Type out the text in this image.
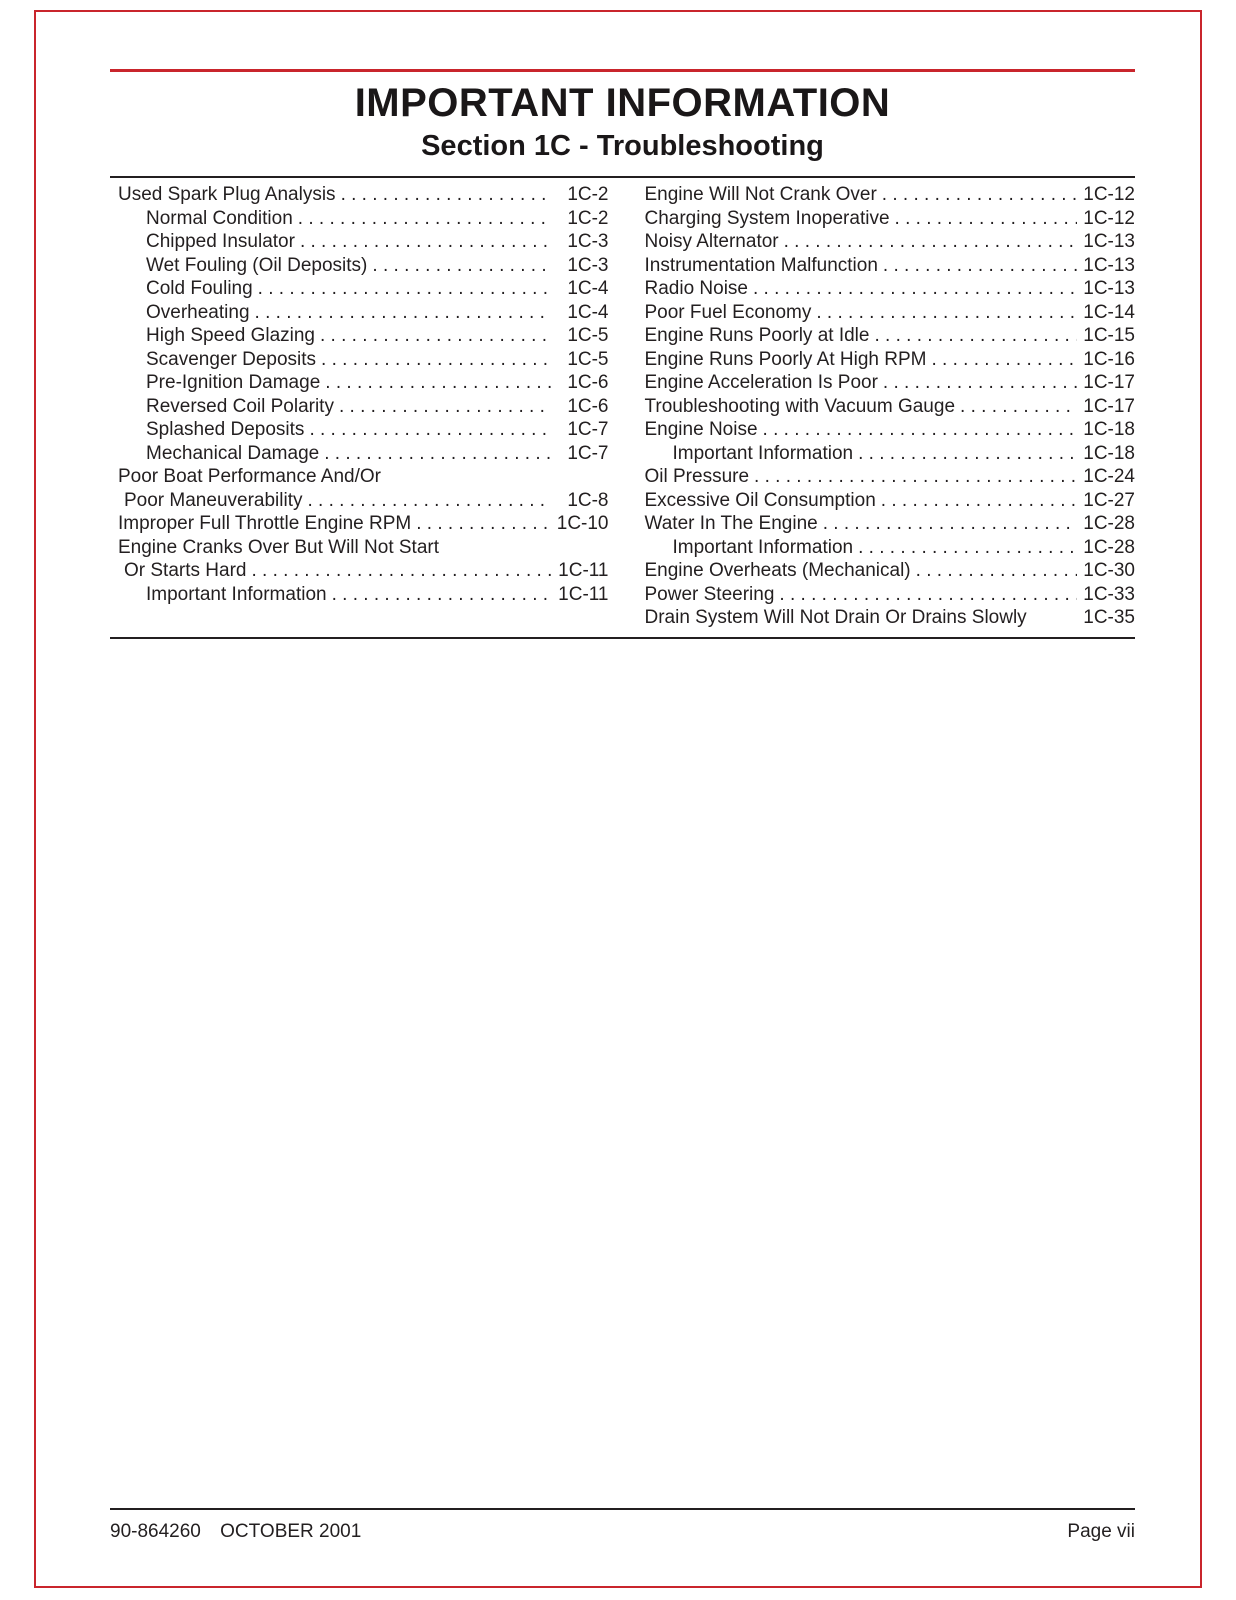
IMPORTANT INFORMATION
Section 1C - Troubleshooting
Used Spark Plug Analysis . . .	1C-2
Normal Condition . . .	1C-2
Chipped Insulator . . .	1C-3
Wet Fouling (Oil Deposits) . . .	1C-3
Cold Fouling . . .	1C-4
Overheating . . .	1C-4
High Speed Glazing . . .	1C-5
Scavenger Deposits . . .	1C-5
Pre-Ignition Damage . . .	1C-6
Reversed Coil Polarity . . .	1C-6
Splashed Deposits . . .	1C-7
Mechanical Damage . . .	1C-7
Poor Boat Performance And/Or
Poor Maneuverability . . .	1C-8
Improper Full Throttle Engine RPM . . .	1C-10
Engine Cranks Over But Will Not Start
Or Starts Hard . . .	1C-11
Important Information . . .	1C-11
Engine Will Not Crank Over . . .	1C-12
Charging System Inoperative . . .	1C-12
Noisy Alternator . . .	1C-13
Instrumentation Malfunction . . .	1C-13
Radio Noise . . .	1C-13
Poor Fuel Economy . . .	1C-14
Engine Runs Poorly at Idle . . .	1C-15
Engine Runs Poorly At High RPM . . .	1C-16
Engine Acceleration Is Poor . . .	1C-17
Troubleshooting with Vacuum Gauge . . .	1C-17
Engine Noise . . .	1C-18
Important Information . . .	1C-18
Oil Pressure . . .	1C-24
Excessive Oil Consumption . . .	1C-27
Water In The Engine . . .	1C-28
Important Information . . .	1C-28
Engine Overheats (Mechanical) . . .	1C-30
Power Steering . . .	1C-33
Drain System Will Not Drain Or Drains Slowly	1C-35
90-864260 OCTOBER 2001	Page vii
